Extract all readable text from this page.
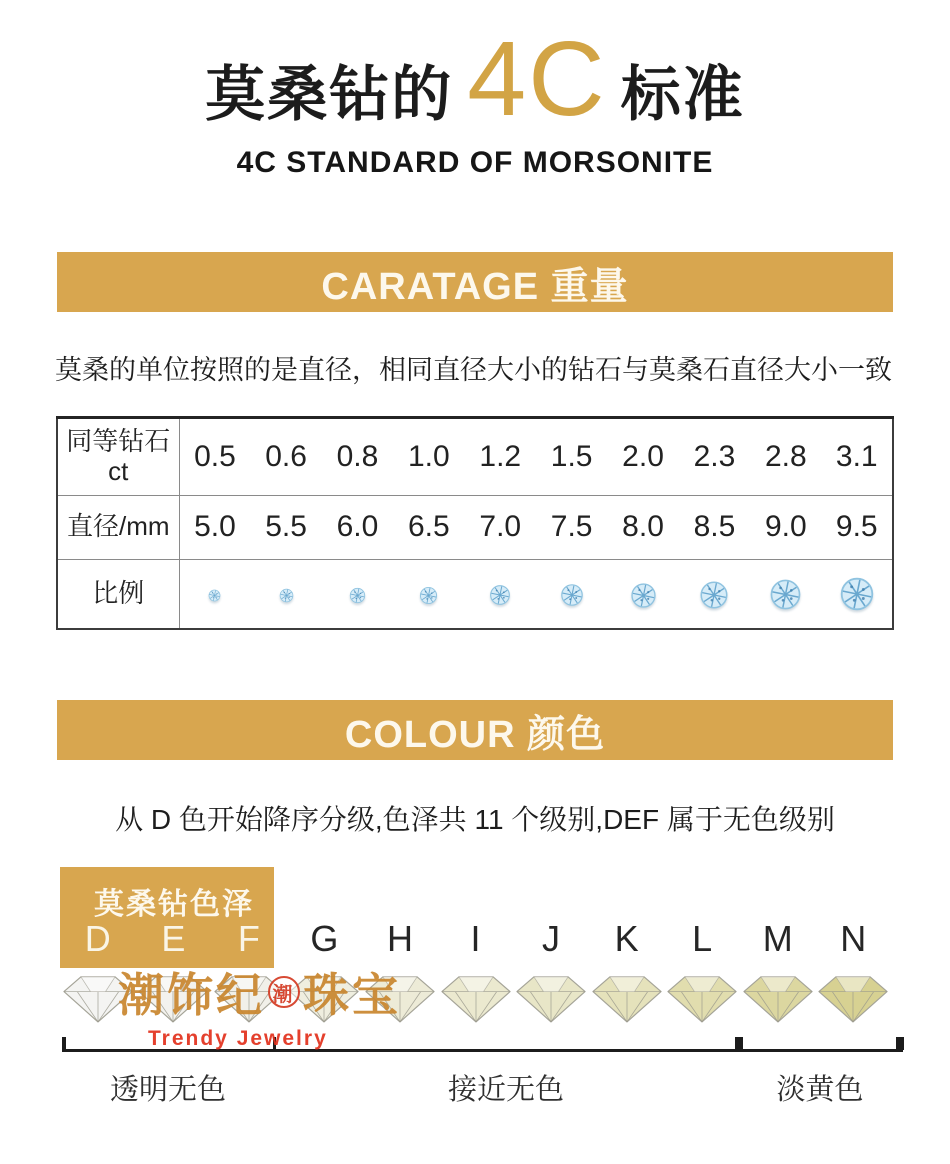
莫桑钻的 4C 标准
4C STANDARD OF MORSONITE
CARATAGE 重量

莫桑的单位按照的是直径，相同直径大小的钻石与莫桑石直径大小一致

同等钻石
ct	0.5	0.6	0.8	1.0	1.2	1.5	2.0	2.3	2.8	3.1
直径/mm	5.0	5.5	6.0	6.5	7.0	7.5	8.0	8.5	9.0	9.5
比例										
COLOUR 颜色

从 D 色开始降序分级,色泽共 11 个级别,DEF 属于无色级别

莫桑钻色泽
D	E	F	G	H	I	J	K	L	M	N
潮饰纪 潮 珠宝
Trendy Jewelry
透明无色	接近无色	淡黄色
